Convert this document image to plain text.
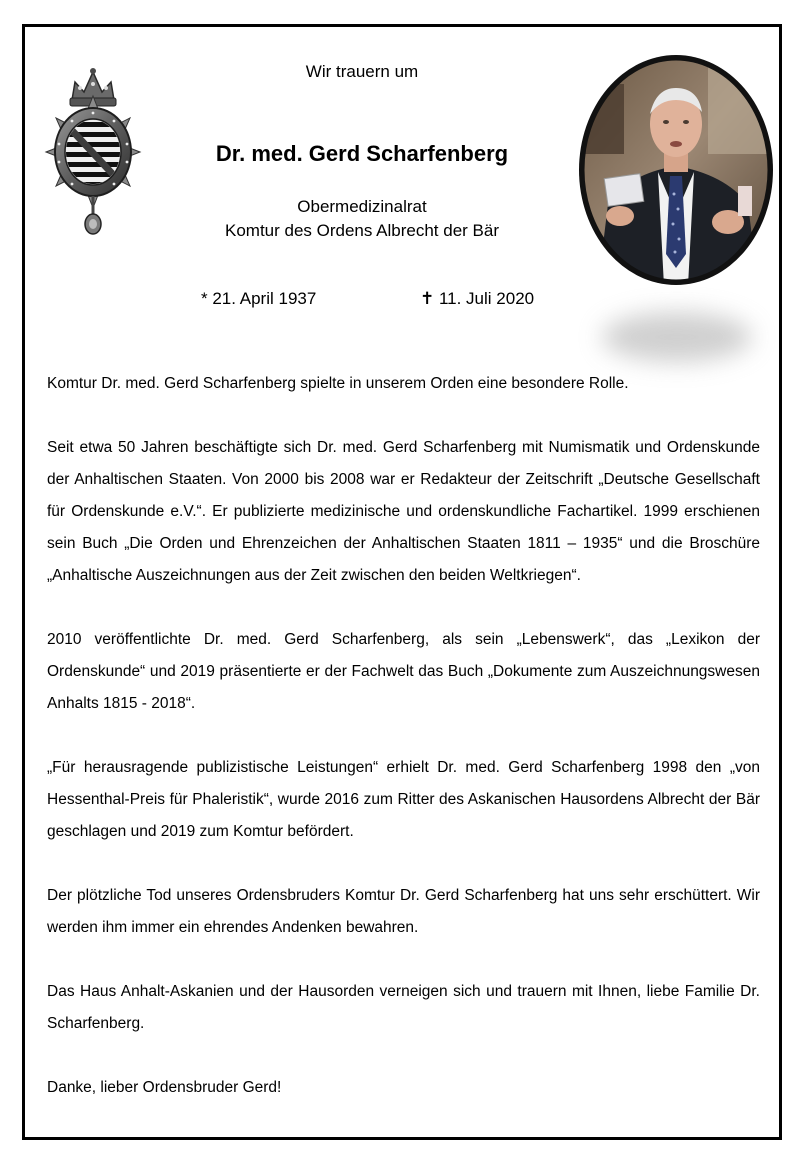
Wir trauern um
Dr. med. Gerd Scharfenberg
Obermedizinalrat
Komtur des Ordens Albrecht der Bär
* 21. April 1937	✝ 11. Juli 2020

Komtur Dr. med. Gerd Scharfenberg spielte in unserem Orden eine besondere Rolle.

Seit etwa 50 Jahren beschäftigte sich Dr. med. Gerd Scharfenberg mit Numismatik und Ordenskunde der Anhaltischen Staaten. Von 2000 bis 2008 war er Redakteur der Zeitschrift „Deutsche Gesellschaft für Ordenskunde e.V.“. Er publizierte medizinische und ordenskundliche Fachartikel. 1999 erschienen sein Buch „Die Orden und Ehrenzeichen der Anhaltischen Staaten 1811 – 1935“ und die Broschüre „Anhaltische Auszeichnungen aus der Zeit zwischen den beiden Weltkriegen“.

2010 veröffentlichte Dr. med. Gerd Scharfenberg, als sein „Lebenswerk“, das „Lexikon der Ordenskunde“ und 2019 präsentierte er der Fachwelt das Buch „Dokumente zum Auszeichnungswesen Anhalts 1815 - 2018“.

„Für herausragende publizistische Leistungen“ erhielt Dr. med. Gerd Scharfenberg 1998 den „von Hessenthal-Preis für Phaleristik“, wurde 2016 zum Ritter des Askanischen Hausordens Albrecht der Bär geschlagen und 2019 zum Komtur befördert.

Der plötzliche Tod unseres Ordensbruders Komtur Dr. Gerd Scharfenberg hat uns sehr erschüttert. Wir werden ihm immer ein ehrendes Andenken bewahren.

Das Haus Anhalt-Askanien und der Hausorden verneigen sich und trauern mit Ihnen, liebe Familie Dr. Scharfenberg.

Danke, lieber Ordensbruder Gerd!
